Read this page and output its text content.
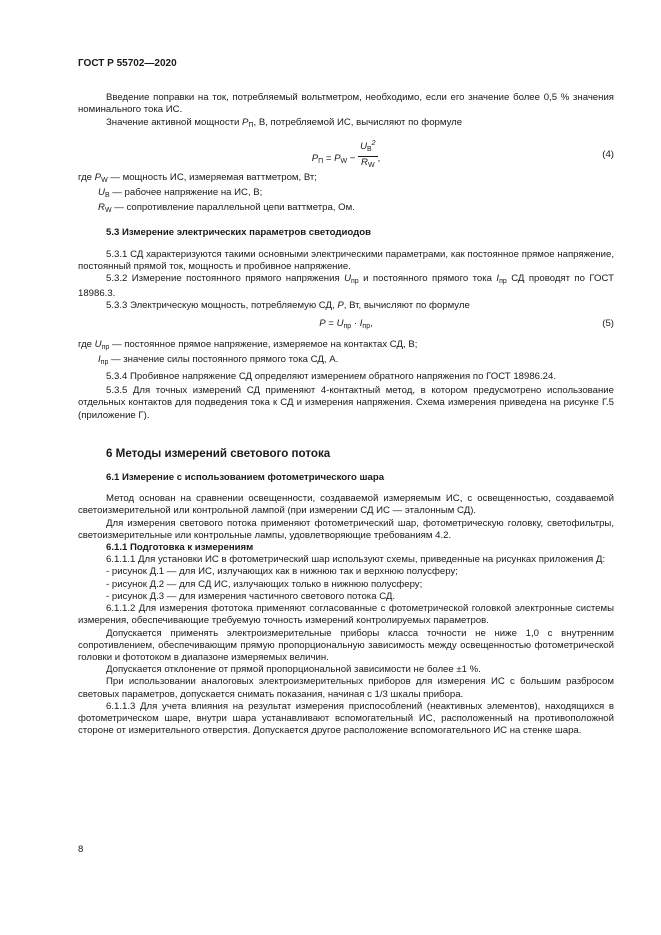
ГОСТ Р 55702—2020

Введение поправки на ток, потребляемый вольтметром, необходимо, если его значение более 0,5 % значения номинального тока ИС.

Значение активной мощности $P_П$, В, потребляемой ИС, вычисляют по формуле

$P_П = P_W - \frac{U_В^2}{R_W}$ ,	(4)

где $P_W$ — мощность ИС, измеряемая ваттметром, Вт;

$U_В$ — рабочее напряжение на ИС, В;

$R_W$ — сопротивление параллельной цепи ваттметра, Ом.

5.3 Измерение электрических параметров светодиодов

5.3.1 СД характеризуются такими основными электрическими параметрами, как постоянное прямое напряжение, постоянный прямой ток, мощность и пробивное напряжение.

5.3.2 Измерение постоянного прямого напряжения $U_{пр}$ и постоянного прямого тока $I_{пр}$ СД проводят по ГОСТ 18986.3.

5.3.3 Электрическую мощность, потребляемую СД, P, Вт, вычисляют по формуле

$P = U_{пр} \cdot I_{пр}$,	(5)

где $U_{пр}$ — постоянное прямое напряжение, измеряемое на контактах СД, В;

$I_{пр}$ — значение силы постоянного прямого тока СД, А.

5.3.4 Пробивное напряжение СД определяют измерением обратного напряжения по ГОСТ 18986.24.

5.3.5 Для точных измерений СД применяют 4-контактный метод, в котором предусмотрено использование отдельных контактов для подведения тока к СД и измерения напряжения. Схема измерения приведена на рисунке Г.5 (приложение Г).

6 Методы измерений светового потока
6.1 Измерение с использованием фотометрического шара

Метод основан на сравнении освещенности, создаваемой измеряемым ИС, с освещенностью, создаваемой светоизмерительной или контрольной лампой (при измерении СД ИС — эталонным СД).

Для измерения светового потока применяют фотометрический шар, фотометрическую головку, светофильтры, светоизмерительные или контрольные лампы, удовлетворяющие требованиям 4.2.

6.1.1 Подготовка к измерениям

6.1.1.1 Для установки ИС в фотометрический шар используют схемы, приведенные на рисунках приложения Д:

- рисунок Д.1 — для ИС, излучающих как в нижнюю так и верхнюю полусферу;

- рисунок Д.2 — для СД ИС, излучающих только в нижнюю полусферу;

- рисунок Д.3 — для измерения частичного светового потока СД.

6.1.1.2 Для измерения фототока применяют согласованные с фотометрической головкой электронные системы измерения, обеспечивающие требуемую точность измерений контролируемых параметров.

Допускается применять электроизмерительные приборы класса точности не ниже 1,0 с внутренним сопротивлением, обеспечивающим прямую пропорциональную зависимость между освещенностью фотометрической головки и фототоком в диапазоне измеряемых величин.

Допускается отклонение от прямой пропорциональной зависимости не более ±1 %.

При использовании аналоговых электроизмерительных приборов для измерения ИС с большим разбросом световых параметров, допускается снимать показания, начиная с 1/3 шкалы прибора.

6.1.1.3 Для учета влияния на результат измерения приспособлений (неактивных элементов), находящихся в фотометрическом шаре, внутри шара устанавливают вспомогательный ИС, расположенный на противоположной стороне от измерительного отверстия. Допускается другое расположение вспомогательного ИС на стенке шара.

8
